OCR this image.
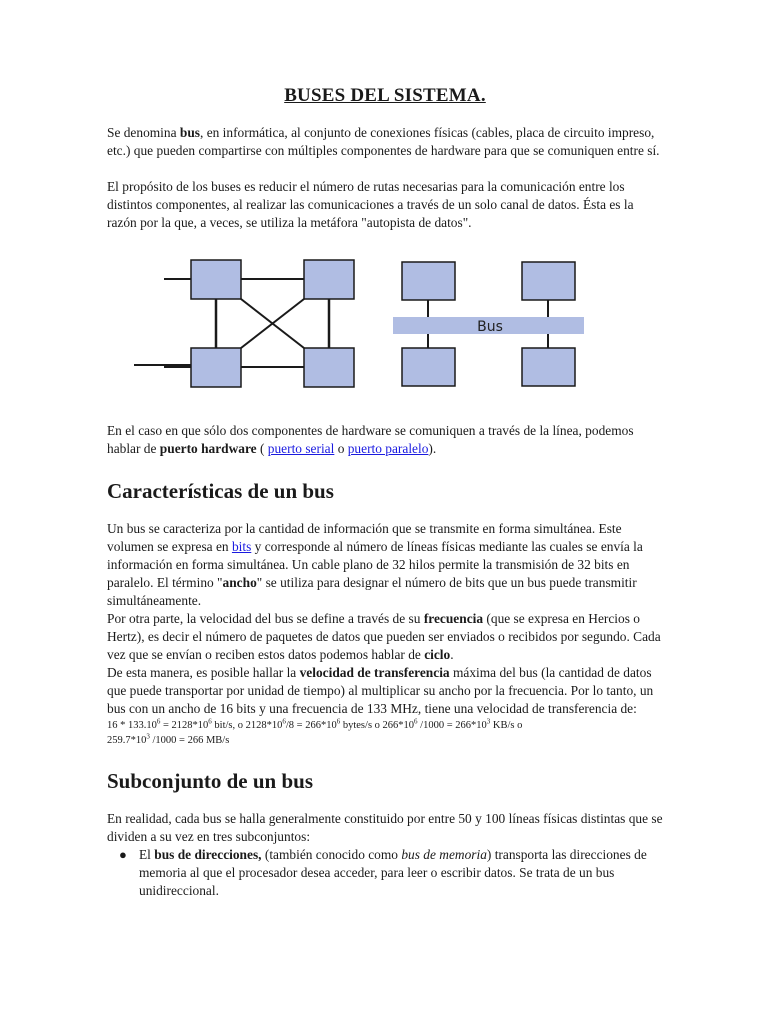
BUSES DEL SISTEMA.

Se denomina bus, en informática, al conjunto de conexiones físicas (cables, placa de circuito impreso, etc.) que pueden compartirse con múltiples componentes de hardware para que se comuniquen entre sí.

El propósito de los buses es reducir el número de rutas necesarias para la comunicación entre los distintos componentes, al realizar las comunicaciones a través de un solo canal de datos. Ésta es la razón por la que, a veces, se utiliza la metáfora "autopista de datos".

Bus

En el caso en que sólo dos componentes de hardware se comuniquen a través de la línea, podemos hablar de puerto hardware ( puerto serial o puerto paralelo).

Características de un bus

Un bus se caracteriza por la cantidad de información que se transmite en forma simultánea. Este volumen se expresa en bits y corresponde al número de líneas físicas mediante las cuales se envía la información en forma simultánea. Un cable plano de 32 hilos permite la transmisión de 32 bits en paralelo. El término "ancho" se utiliza para designar el número de bits que un bus puede transmitir simultáneamente.

Por otra parte, la velocidad del bus se define a través de su frecuencia (que se expresa en Hercios o Hertz), es decir el número de paquetes de datos que pueden ser enviados o recibidos por segundo. Cada vez que se envían o reciben estos datos podemos hablar de ciclo.

De esta manera, es posible hallar la velocidad de transferencia máxima del bus (la cantidad de datos que puede transportar por unidad de tiempo) al multiplicar su ancho por la frecuencia. Por lo tanto, un bus con un ancho de 16 bits y una frecuencia de 133 MHz, tiene una velocidad de transferencia de:

$16 * 133.10^6 = 2128*10^6$ bit/s, o $2128*10^6/8 = 266*10^6$ bytes/s o $266*10^6$ $/1000 = 266*10^3$ KB/s o
$259.7*10^3$ /1000 = 266 MB/s

Subconjunto de un bus

En realidad, cada bus se halla generalmente constituido por entre 50 y 100 líneas físicas distintas que se dividen a su vez en tres subconjuntos:

● El bus de direcciones, (también conocido como bus de memoria) transporta las direcciones de memoria al que el procesador desea acceder, para leer o escribir datos. Se trata de un bus unidireccional.
